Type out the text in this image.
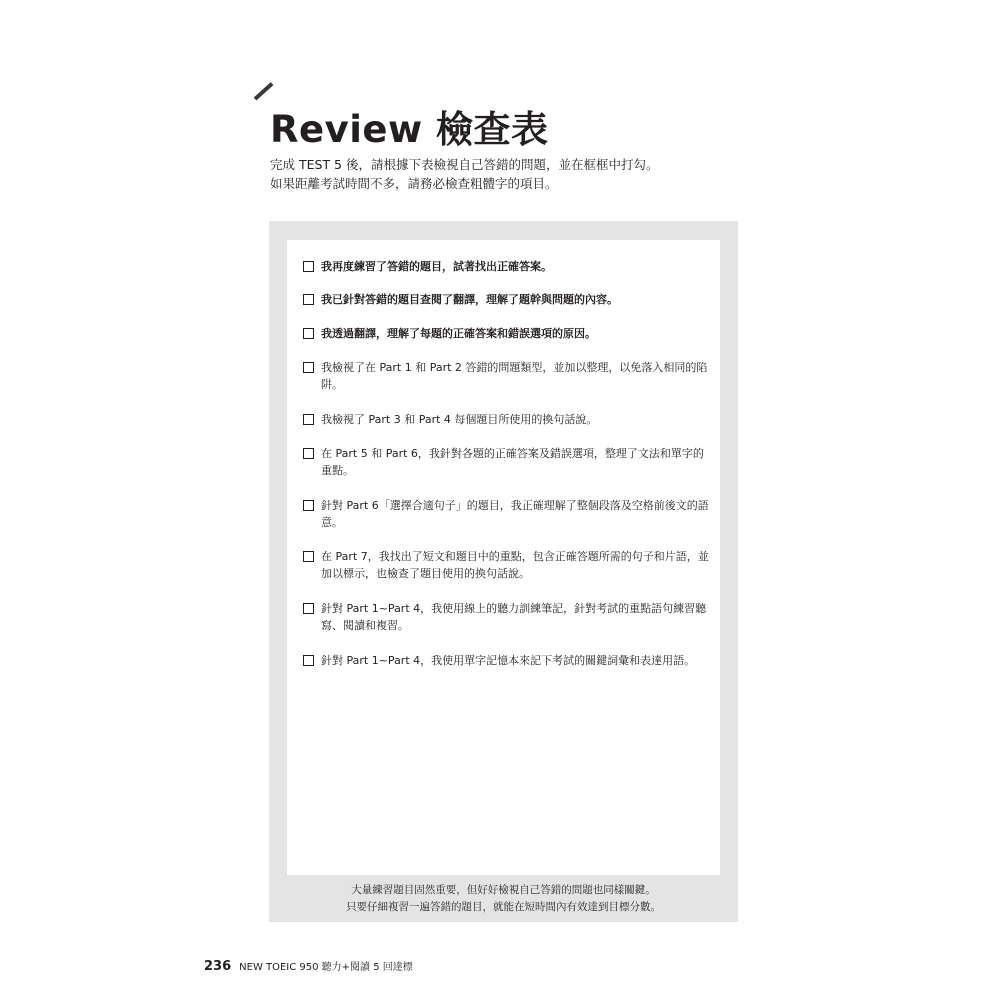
Review 檢查表

完成 TEST 5 後，請根據下表檢視自己答錯的問題，並在框框中打勾。

如果距離考試時間不多，請務必檢查粗體字的項目。

我再度練習了答錯的題目，試著找出正確答案。
我已針對答錯的題目查閱了翻譯，理解了題幹與問題的內容。
我透過翻譯，理解了每題的正確答案和錯誤選項的原因。
我檢視了在 Part 1 和 Part 2 答錯的問題類型，並加以整理，以免落入相同的陷阱。
我檢視了 Part 3 和 Part 4 每個題目所使用的換句話說。
在 Part 5 和 Part 6，我針對各題的正確答案及錯誤選項，整理了文法和單字的重點。
針對 Part 6「選擇合適句子」的題目，我正確理解了整個段落及空格前後文的語意。
在 Part 7，我找出了短文和題目中的重點，包含正確答題所需的句子和片語，並加以標示，也檢查了題目使用的換句話說。
針對 Part 1~Part 4，我使用線上的聽力訓練筆記，針對考試的重點語句練習聽寫、閱讀和複習。
針對 Part 1~Part 4，我使用單字記憶本來記下考試的關鍵詞彙和表達用語。

大量練習題目固然重要，但好好檢視自己答錯的問題也同樣關鍵。

只要仔細複習一遍答錯的題目，就能在短時間內有效達到目標分數。

236 NEW TOEIC 950 聽力+閱讀 5 回達標
